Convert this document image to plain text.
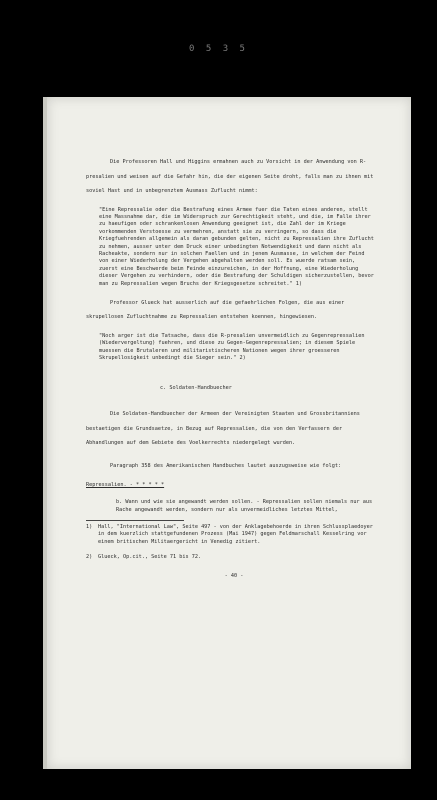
0 5 3 5

Die Professoren Hall und Higgins ermahnen auch zu Vorsicht in der Anwendung von R-presalien und weisen auf die Gefahr hin, die der eigenen Seite droht, falls man zu ihnen mit soviel Hast und in unbegrenztem Ausmass Zuflucht nimmt:

"Eine Repressalie oder die Bestrafung eines Armee fuer die Taten eines anderen, stellt eine Massnahme dar, die im Widerspruch zur Gerechtigkeit steht, und die, im Falle ihrer zu haeufigen oder schrankenlosen Anwendung geeignet ist, die Zahl der im Kriege vorkommenden Verstoesse zu vermehren, anstatt sie zu verringern, so dass die Kriegfuehrenden allgemein als daran gebunden gelten, nicht zu Repressalien ihre Zuflucht zu nehmen, ausser unter dem Druck einer unbedingten Notwendigkeit und dann nicht als Racheakte, sondern nur in solchen Faellen und in jenem Ausmasse, in welchem der Feind von einer Wiederholung der Vergehen abgehalten werden soll. Es wuerde ratsam sein, zuerst eine Beschwerde beim Feinde einzureichen, in der Hoffnung, eine Wiederholung dieser Vergehen zu verhindern, oder die Bestrafung der Schuldigen sicherzustellen, bevor man zu Repressalien wegen Bruchs der Kriegsgesetze schreitet." 1)

Professor Glueck hat ausserlich auf die gefaehrlichen Folgen, die aus einer skrupellosen Zufluchtnahme zu Repressalien entstehen koennen, hingewiesen.

"Noch arger ist die Tatsache, dass die R-presalien unvermeidlich zu Gegenrepressalien (Wiedervergeltung) fuehren, und diese zu Gegen-Gegenrepressalien; in diesem Spiele muessen die Brutaleren und militaristischeren Nationen wegen ihrer groesseren Skrupellosigkeit unbedingt die Sieger sein." 2)

c. Soldaten-Handbuecher

Die Soldaten-Handbuecher der Armeen der Vereinigten Staaten und Grossbritanniens bestaetigen die Grundsaetze, in Bezug auf Repressalien, die von den Verfassern der Abhandlungen auf dem Gebiete des Voelkerrechts niedergelegt wurden.

Paragraph 358 des Amerikanischen Handbuches lautet auszugsweise wie folgt:

Repressalien. - * * * * *

b. Wann und wie sie angewandt werden sollen. - Repressalien sollen niemals nur aus Rache angewandt werden, sondern nur als unvermeidliches letztes Mittel,

1)	Hall, "International Law", Seite 497 - von der Anklagebehoerde in ihren Schlussplaedoyer in dem kuerzlich stattgefundenen Prozess (Mai 1947) gegen Feldmarschall Kesselring vor einem britischen Militaergericht in Venedig zitiert.
2)	Glueck, Op.cit., Seite 71 bis 72.
- 40 -
